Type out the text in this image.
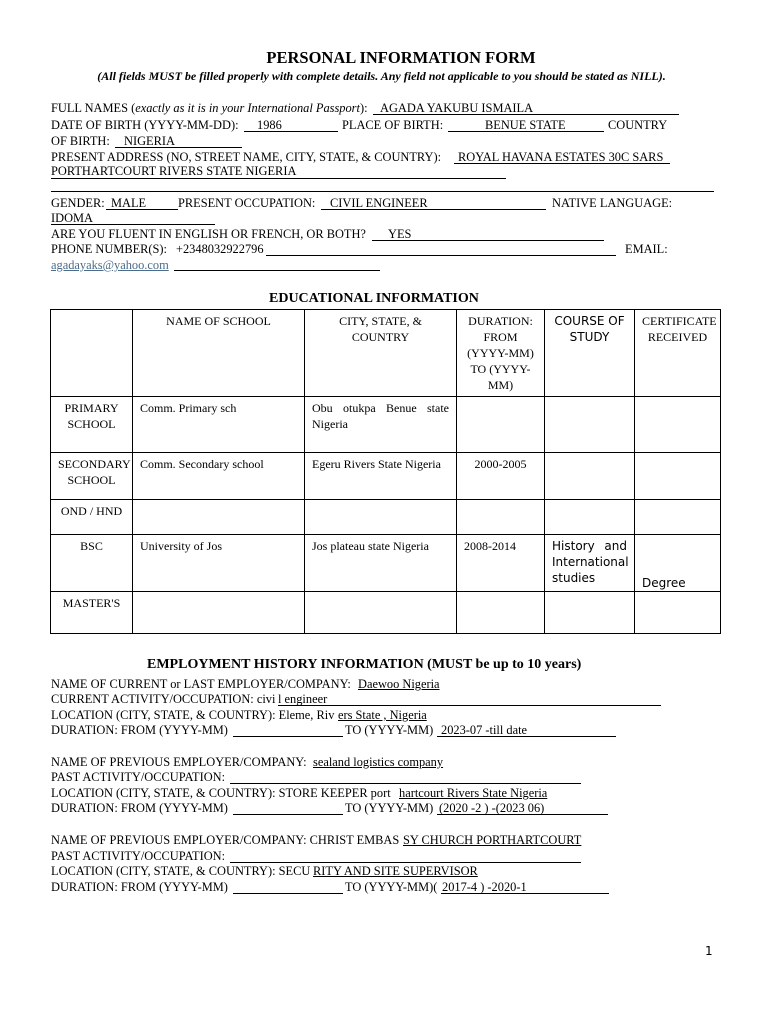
PERSONAL INFORMATION FORM
(All fields MUST be filled properly with complete details. Any field not applicable to you should be stated as NILL).
FULL NAMES (exactly as it is in your International Passport): AGADA YAKUBU ISMAILA
DATE OF BIRTH (YYYY-MM-DD): 1986	PLACE OF BIRTH:	BENUE STATE	COUNTRY
OF BIRTH: NIGERIA
PRESENT ADDRESS (NO, STREET NAME, CITY, STATE, & COUNTRY): ROYAL HAVANA ESTATES 30C SARS
PORTHARTCOURT RIVERS STATE NIGERIA
GENDER: MALE	PRESENT OCCUPATION: CIVIL ENGINEER	NATIVE LANGUAGE:
IDOMA
ARE YOU FLUENT IN ENGLISH OR FRENCH, OR BOTH? YES
PHONE NUMBER(S): +2348032922796	EMAIL:
agadayaks@yahoo.com
EDUCATIONAL INFORMATION
	NAME OF SCHOOL	CITY, STATE, & COUNTRY	DURATION: FROM (YYYY-MM) TO (YYYY-MM)	COURSE OF STUDY	CERTIFICATE RECEIVED
PRIMARY SCHOOL	Comm. Primary sch	Obu otukpa Benue state Nigeria			
SECONDARY SCHOOL	Comm. Secondary school	Egeru Rivers State Nigeria	2000-2005		
OND / HND					
BSC	University of Jos	Jos plateau state Nigeria	2008-2014	History and International studies	Degree
MASTER'S					
EMPLOYMENT HISTORY INFORMATION (MUST be up to 10 years)
NAME OF CURRENT or LAST EMPLOYER/COMPANY: Daewoo Nigeria
CURRENT ACTIVITY/OCCUPATION: civi l engineer
LOCATION (CITY, STATE, & COUNTRY): Eleme, Riv ers State , Nigeria
DURATION: FROM (YYYY-MM)	TO (YYYY-MM) 2023-07 -till date
NAME OF PREVIOUS EMPLOYER/COMPANY: sealand logistics company
PAST ACTIVITY/OCCUPATION:
LOCATION (CITY, STATE, & COUNTRY): STORE KEEPER port hartcourt Rivers State Nigeria
DURATION: FROM (YYYY-MM)	TO (YYYY-MM) (2020 -2 ) -(2023 06)
NAME OF PREVIOUS EMPLOYER/COMPANY: CHRIST EMBAS SY CHURCH PORTHARTCOURT
PAST ACTIVITY/OCCUPATION:
LOCATION (CITY, STATE, & COUNTRY): SECU RITY AND SITE SUPERVISOR
DURATION: FROM (YYYY-MM)	TO (YYYY-MM)( 2017-4 ) -2020-1
1
